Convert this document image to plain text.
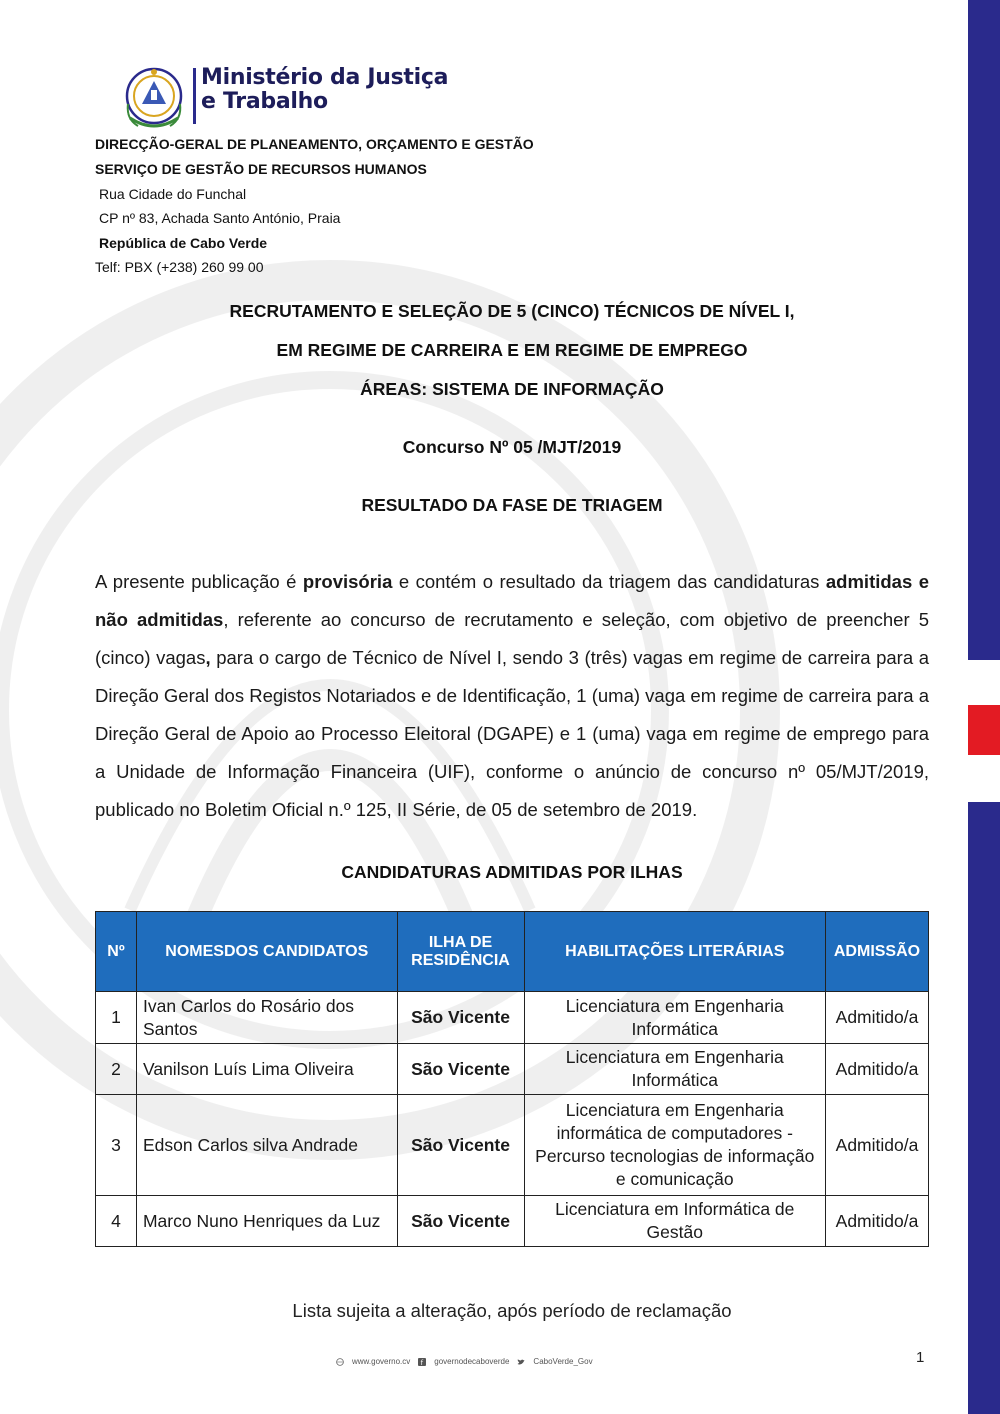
Ministério da Justiça
e Trabalho
DIRECÇÃO-GERAL DE PLANEAMENTO, ORÇAMENTO E GESTÃO
SERVIÇO DE GESTÃO DE RECURSOS HUMANOS
Rua Cidade do Funchal
CP nº 83, Achada Santo António, Praia
República de Cabo Verde
Telf: PBX (+238) 260 99 00
RECRUTAMENTO E SELEÇÃO DE 5 (CINCO) TÉCNICOS DE NÍVEL I,
EM REGIME DE CARREIRA E EM REGIME DE EMPREGO
ÁREAS: SISTEMA DE INFORMAÇÃO
Concurso Nº 05 /MJT/2019
RESULTADO DA FASE DE TRIAGEM
A presente publicação é provisória e contém o resultado da triagem das candidaturas admitidas e não admitidas, referente ao concurso de recrutamento e seleção, com objetivo de preencher 5 (cinco) vagas, para o cargo de Técnico de Nível I, sendo 3 (três) vagas em regime de carreira para a Direção Geral dos Registos Notariados e de Identificação, 1 (uma) vaga em regime de carreira para a Direção Geral de Apoio ao Processo Eleitoral (DGAPE) e 1 (uma) vaga em regime de emprego para a Unidade de Informação Financeira (UIF), conforme o anúncio de concurso nº 05/MJT/2019, publicado no Boletim Oficial n.º 125, II Série, de 05 de setembro de 2019.
CANDIDATURAS ADMITIDAS POR ILHAS
Nº	NOMESDOS CANDIDATOS	ILHA DE RESIDÊNCIA	HABILITAÇÕES LITERÁRIAS	ADMISSÃO
1	Ivan Carlos do Rosário dos Santos	São Vicente	Licenciatura em Engenharia Informática	Admitido/a
2	Vanilson Luís Lima Oliveira	São Vicente	Licenciatura em Engenharia Informática	Admitido/a
3	Edson Carlos silva Andrade	São Vicente	Licenciatura em Engenharia informática de computadores - Percurso tecnologias de informação e comunicação	Admitido/a
4	Marco Nuno Henriques da Luz	São Vicente	Licenciatura em Informática de Gestão	Admitido/a
Lista sujeita a alteração, após período de reclamação
www.governo.cv f governodecaboverde	CaboVerde_Gov	1
